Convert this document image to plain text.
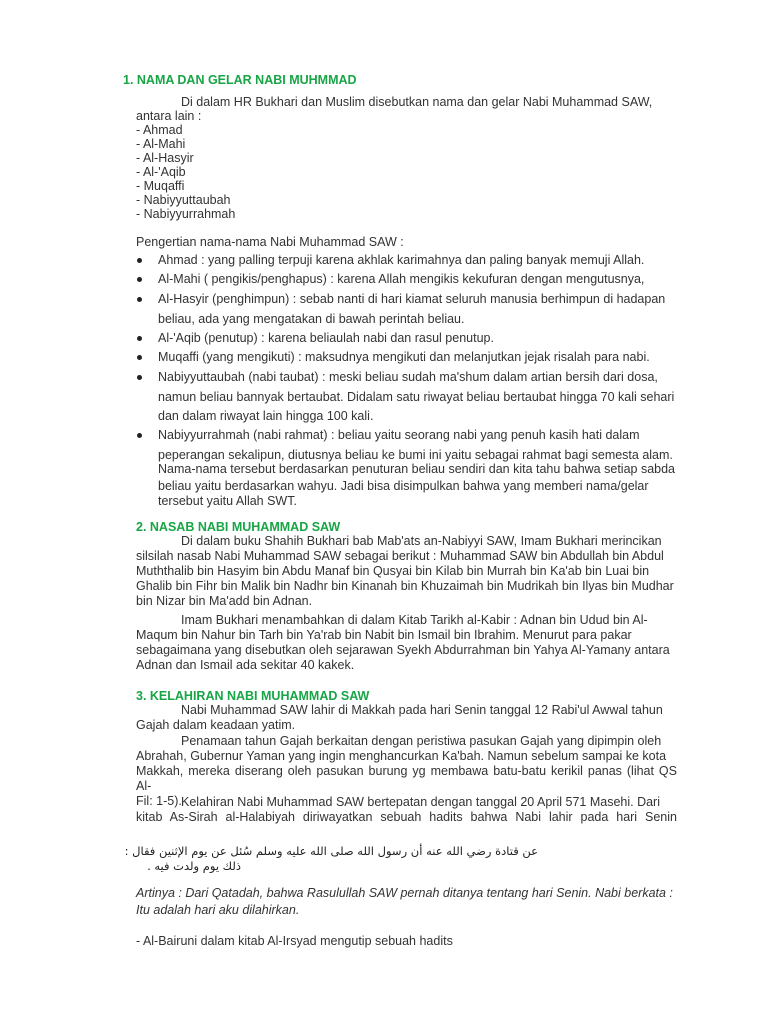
1. NAMA DAN GELAR NABI MUHMMAD
Di dalam HR Bukhari dan Muslim disebutkan nama dan gelar Nabi Muhammad SAW,
antara lain :
- Ahmad
- Al-Mahi
- Al-Hasyir
- Al-'Aqib
- Muqaffi
- Nabiyyuttaubah
- Nabiyyurrahmah
Pengertian nama-nama Nabi Muhammad SAW :
Ahmad : yang palling terpuji karena akhlak karimahnya dan paling banyak memuji Allah.
Al-Mahi ( pengikis/penghapus) : karena Allah mengikis kekufuran dengan mengutusnya,
Al-Hasyir (penghimpun) : sebab nanti di hari kiamat seluruh manusia berhimpun di hadapan
beliau, ada yang mengatakan di bawah perintah beliau.
Al-'Aqib (penutup) : karena beliaulah nabi dan rasul penutup.
Muqaffi (yang mengikuti) : maksudnya mengikuti dan melanjutkan jejak risalah para nabi.
Nabiyyuttaubah (nabi taubat) : meski beliau sudah ma'shum dalam artian bersih dari dosa,
namun beliau bannyak bertaubat. Didalam satu riwayat beliau bertaubat hingga 70 kali sehari
dan dalam riwayat lain hingga 100 kali.
Nabiyyurrahmah (nabi rahmat) : beliau yaitu seorang nabi yang penuh kasih hati dalam
peperangan sekalipun, diutusnya beliau ke bumi ini yaitu sebagai rahmat bagi semesta alam.
Nama-nama tersebut berdasarkan penuturan beliau sendiri dan kita tahu bahwa setiap sabda
beliau yaitu berdasarkan wahyu. Jadi bisa disimpulkan bahwa yang memberi nama/gelar
tersebut yaitu Allah SWT.
2. NASAB NABI MUHAMMAD SAW
Di dalam buku Shahih Bukhari bab Mab'ats an-Nabiyyi SAW, Imam Bukhari merincikan
silsilah nasab Nabi Muhammad SAW sebagai berikut : Muhammad SAW bin Abdullah bin Abdul
Muththalib bin Hasyim bin Abdu Manaf bin Qusyai bin Kilab bin Murrah bin Ka'ab bin Luai bin
Ghalib bin Fihr bin Malik bin Nadhr bin Kinanah bin Khuzaimah bin Mudrikah bin Ilyas bin Mudhar
bin Nizar bin Ma'add bin Adnan.
Imam Bukhari menambahkan di dalam Kitab Tarikh al-Kabir : Adnan bin Udud bin Al-
Maqum bin Nahur bin Tarh bin Ya'rab bin Nabit bin Ismail bin Ibrahim. Menurut para pakar
sebagaimana yang disebutkan oleh sejarawan Syekh Abdurrahman bin Yahya Al-Yamany antara
Adnan dan Ismail ada sekitar 40 kakek.
3. KELAHIRAN NABI MUHAMMAD SAW
Nabi Muhammad SAW lahir di Makkah pada hari Senin tanggal 12 Rabi'ul Awwal tahun
Gajah dalam keadaan yatim.
Penamaan tahun Gajah berkaitan dengan peristiwa pasukan Gajah yang dipimpin oleh
Abrahah, Gubernur Yaman yang ingin menghancurkan Ka'bah. Namun sebelum sampai ke kota
Makkah, mereka diserang oleh pasukan burung yg membawa batu-batu kerikil panas (lihat QS Al-
Fil: 1-5). Kelahiran Nabi Muhammad SAW bertepatan dengan tanggal 20 April 571 Masehi. Dari
kitab As-Sirah al-Halabiyah diriwayatkan sebuah hadits bahwa Nabi lahir pada hari Senin
عن قتادة رضي الله عنه أن رسول الله صلى الله عليه وسلم سُئل عن يوم الإثنين فقال :
ذلك يوم ولدت فيه .
Artinya : Dari Qatadah, bahwa Rasulullah SAW pernah ditanya tentang hari Senin. Nabi berkata :
Itu adalah hari aku dilahirkan.
- Al-Bairuni dalam kitab Al-Irsyad mengutip sebuah hadits
